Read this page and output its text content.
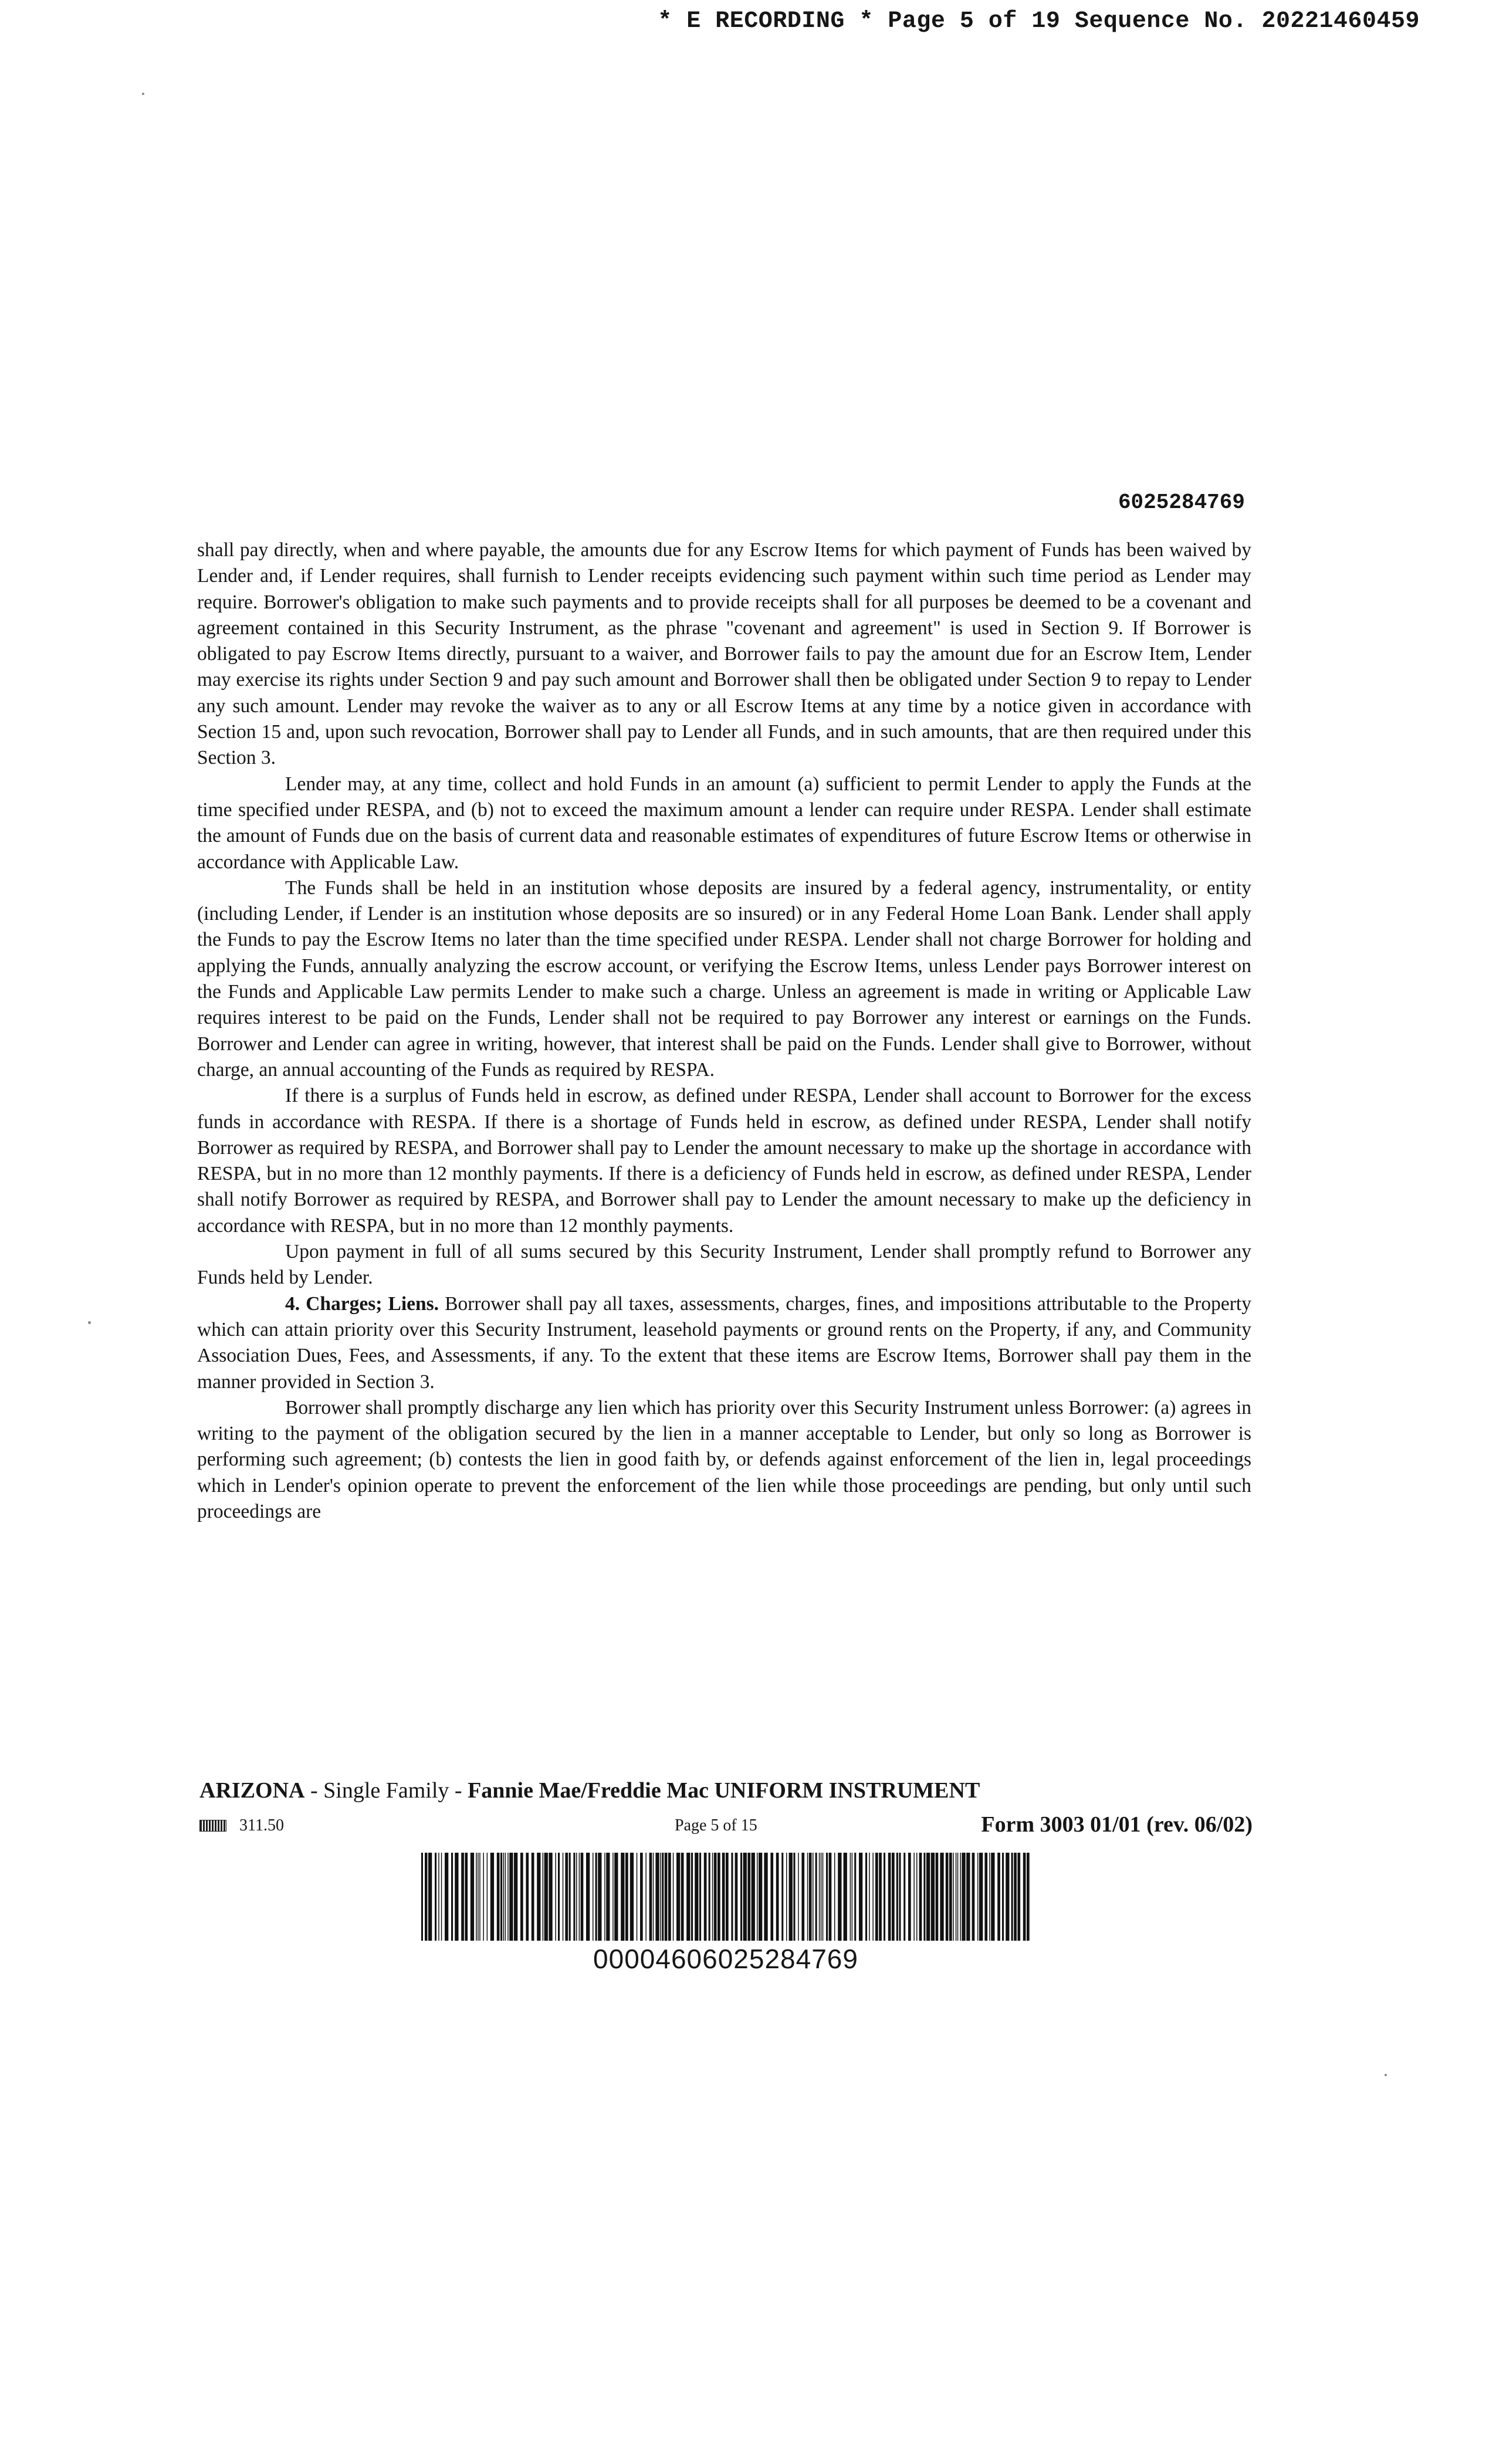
* E RECORDING * Page 5 of 19 Sequence No. 20221460459
6025284769

shall pay directly, when and where payable, the amounts due for any Escrow Items for which payment of Funds has been waived by Lender and, if Lender requires, shall furnish to Lender receipts evidencing such payment within such time period as Lender may require. Borrower's obligation to make such payments and to provide receipts shall for all purposes be deemed to be a covenant and agreement contained in this Security Instrument, as the phrase "covenant and agreement" is used in Section 9. If Borrower is obligated to pay Escrow Items directly, pursuant to a waiver, and Borrower fails to pay the amount due for an Escrow Item, Lender may exercise its rights under Section 9 and pay such amount and Borrower shall then be obligated under Section 9 to repay to Lender any such amount. Lender may revoke the waiver as to any or all Escrow Items at any time by a notice given in accordance with Section 15 and, upon such revocation, Borrower shall pay to Lender all Funds, and in such amounts, that are then required under this Section 3.

Lender may, at any time, collect and hold Funds in an amount (a) sufficient to permit Lender to apply the Funds at the time specified under RESPA, and (b) not to exceed the maximum amount a lender can require under RESPA. Lender shall estimate the amount of Funds due on the basis of current data and reasonable estimates of expenditures of future Escrow Items or otherwise in accordance with Applicable Law.

The Funds shall be held in an institution whose deposits are insured by a federal agency, instrumentality, or entity (including Lender, if Lender is an institution whose deposits are so insured) or in any Federal Home Loan Bank. Lender shall apply the Funds to pay the Escrow Items no later than the time specified under RESPA. Lender shall not charge Borrower for holding and applying the Funds, annually analyzing the escrow account, or verifying the Escrow Items, unless Lender pays Borrower interest on the Funds and Applicable Law permits Lender to make such a charge. Unless an agreement is made in writing or Applicable Law requires interest to be paid on the Funds, Lender shall not be required to pay Borrower any interest or earnings on the Funds. Borrower and Lender can agree in writing, however, that interest shall be paid on the Funds. Lender shall give to Borrower, without charge, an annual accounting of the Funds as required by RESPA.

If there is a surplus of Funds held in escrow, as defined under RESPA, Lender shall account to Borrower for the excess funds in accordance with RESPA. If there is a shortage of Funds held in escrow, as defined under RESPA, Lender shall notify Borrower as required by RESPA, and Borrower shall pay to Lender the amount necessary to make up the shortage in accordance with RESPA, but in no more than 12 monthly payments. If there is a deficiency of Funds held in escrow, as defined under RESPA, Lender shall notify Borrower as required by RESPA, and Borrower shall pay to Lender the amount necessary to make up the deficiency in accordance with RESPA, but in no more than 12 monthly payments.

Upon payment in full of all sums secured by this Security Instrument, Lender shall promptly refund to Borrower any Funds held by Lender.

4. Charges; Liens. Borrower shall pay all taxes, assessments, charges, fines, and impositions attributable to the Property which can attain priority over this Security Instrument, leasehold payments or ground rents on the Property, if any, and Community Association Dues, Fees, and Assessments, if any. To the extent that these items are Escrow Items, Borrower shall pay them in the manner provided in Section 3.

Borrower shall promptly discharge any lien which has priority over this Security Instrument unless Borrower: (a) agrees in writing to the payment of the obligation secured by the lien in a manner acceptable to Lender, but only so long as Borrower is performing such agreement; (b) contests the lien in good faith by, or defends against enforcement of the lien in, legal proceedings which in Lender's opinion operate to prevent the enforcement of the lien while those proceedings are pending, but only until such proceedings are

ARIZONA - Single Family - Fannie Mae/Freddie Mac UNIFORM INSTRUMENT
311.50	Page 5 of 15	Form 3003 01/01 (rev. 06/02)
00004606025284769
